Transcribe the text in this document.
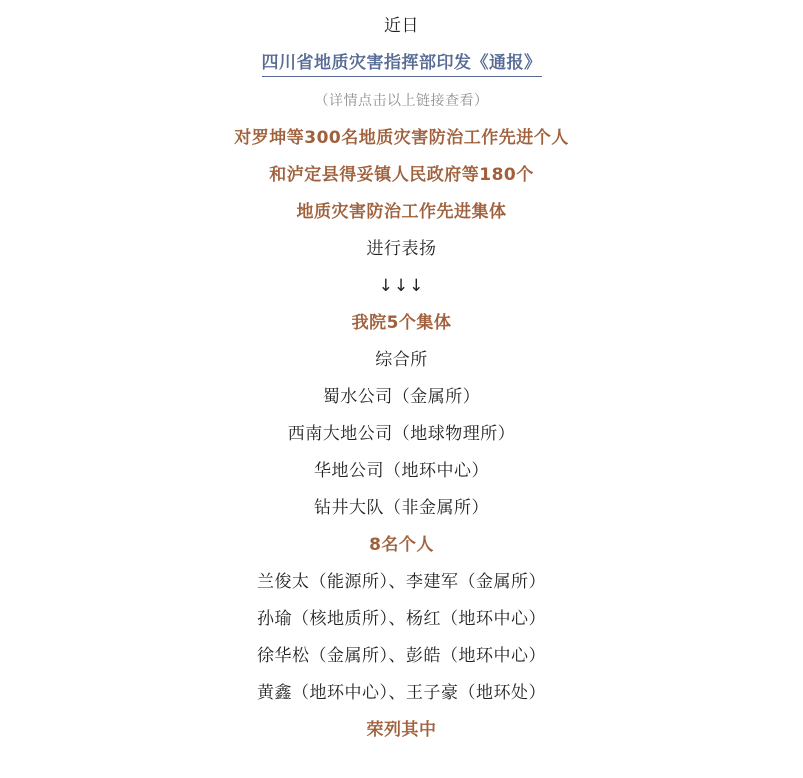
近日
四川省地质灾害指挥部印发《通报》
（详情点击以上链接查看）
对罗坤等300名地质灾害防治工作先进个人
和泸定县得妥镇人民政府等180个
地质灾害防治工作先进集体
进行表扬
↓↓↓
我院5个集体
综合所
蜀水公司（金属所）
西南大地公司（地球物理所）
华地公司（地环中心）
钻井大队（非金属所）
8名个人
兰俊太（能源所）、李建军（金属所）
孙瑜（核地质所）、杨红（地环中心）
徐华松（金属所）、彭皓（地环中心）
黄鑫（地环中心）、王子豪（地环处）
荣列其中
